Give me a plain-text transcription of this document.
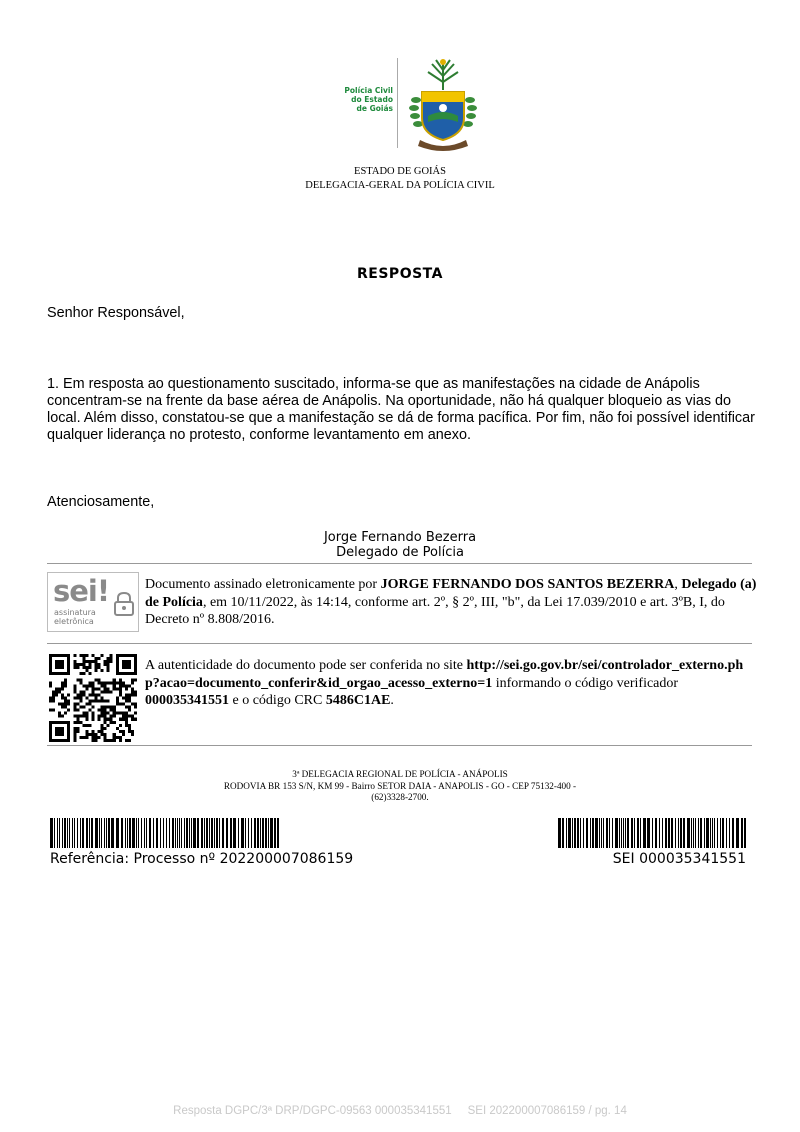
Polícia Civil
do Estado
de Goiás
ESTADO DE GOIÁS
DELEGACIA-GERAL DA POLÍCIA CIVIL
RESPOSTA
Senhor Responsável,
1. Em resposta ao questionamento suscitado, informa-se que as manifestações na cidade de Anápolis concentram-se na frente da base aérea de Anápolis. Na oportunidade, não há qualquer bloqueio as vias do local. Além disso, constatou-se que a manifestação se dá de forma pacífica. Por fim, não foi possível identificar qualquer liderança no protesto, conforme levantamento em anexo.
Atenciosamente,
Jorge Fernando Bezerra
Delegado de Polícia
sei!
assinatura
eletrônica
Documento assinado eletronicamente por JORGE FERNANDO DOS SANTOS BEZERRA, Delegado (a) de Polícia, em 10/11/2022, às 14:14, conforme art. 2º, § 2º, III, "b", da Lei 17.039/2010 e art. 3ºB, I, do Decreto nº 8.808/2016.
A autenticidade do documento pode ser conferida no site http://sei.go.gov.br/sei/controlador_externo.php?acao=documento_conferir&id_orgao_acesso_externo=1 informando o código verificador 000035341551 e o código CRC 5486C1AE.
3ª DELEGACIA REGIONAL DE POLÍCIA - ANÁPOLIS
RODOVIA BR 153 S/N, KM 99 - Bairro SETOR DAIA - ANAPOLIS - GO - CEP 75132-400 -
(62)3328-2700.
Referência: Processo nº 202200007086159	SEI 000035341551
Resposta DGPC/3ª DRP/DGPC-09563 000035341551     SEI 202200007086159 / pg. 14
